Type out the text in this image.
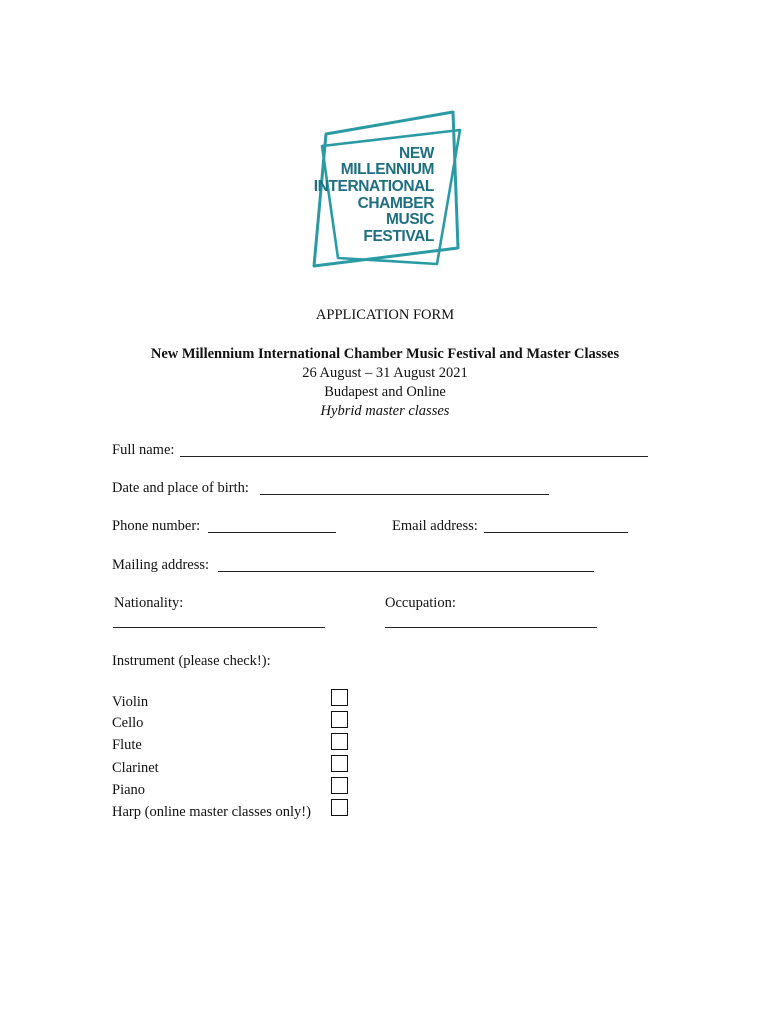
NEW
MILLENNIUM
INTERNATIONAL
CHAMBER
MUSIC
FESTIVAL
APPLICATION FORM
New Millennium International Chamber Music Festival and Master Classes
26 August – 31 August 2021
Budapest and Online
Hybrid master classes
Full name:
Date and place of birth:
Phone number:	Email address:
Mailing address:
Nationality:	Occupation:
Instrument (please check!):
Violin
Cello
Flute
Clarinet
Piano
Harp (online master classes only!)
